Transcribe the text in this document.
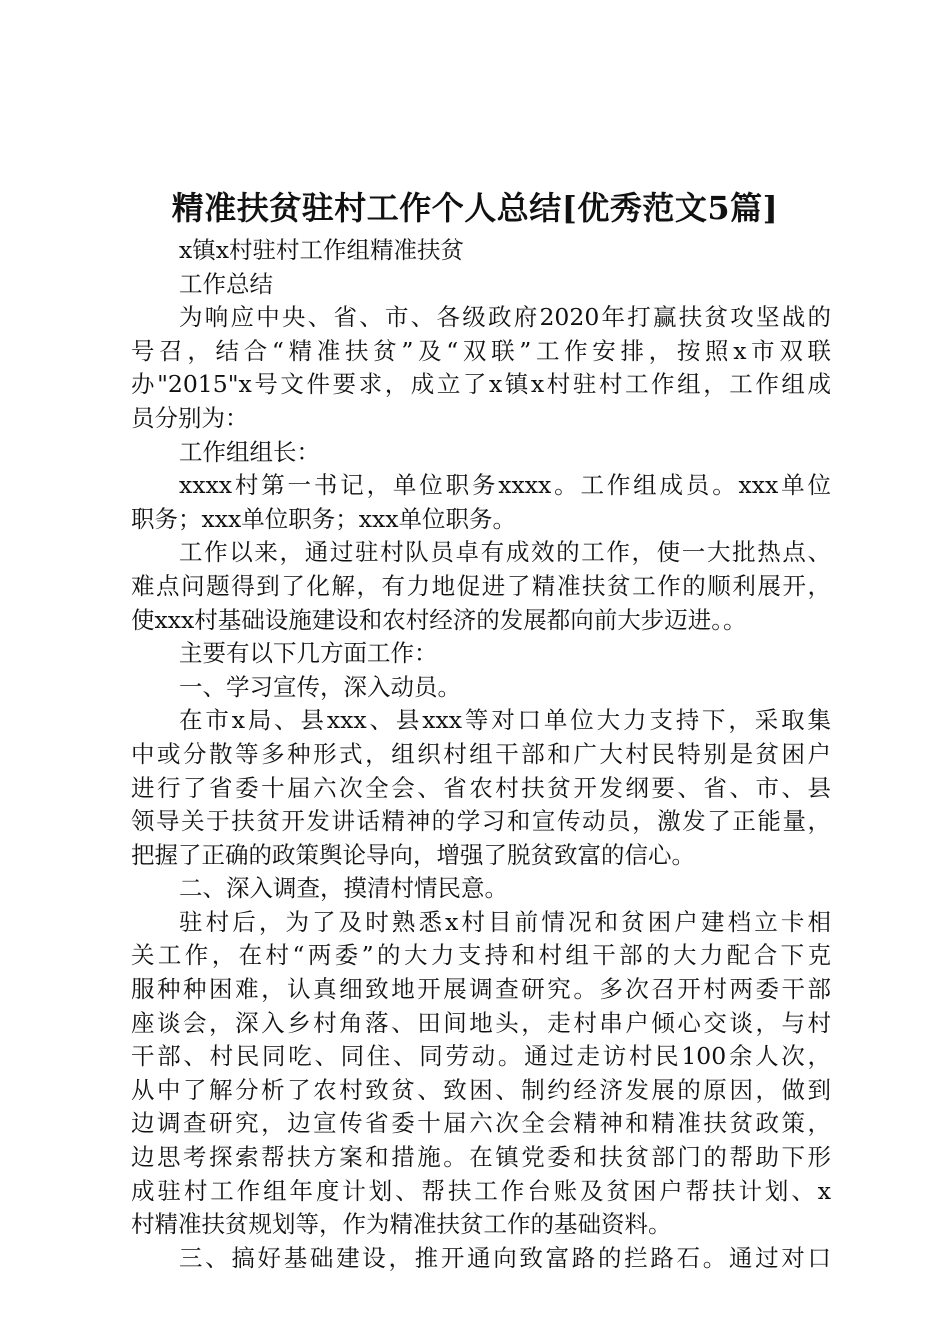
精准扶贫驻村工作个人总结[优秀范文5篇]
x镇x村驻村工作组精准扶贫
工作总结
为响应中央、省、市、各级政府2020年打赢扶贫攻坚战的
号召，结合“精准扶贫”及“双联”工作安排，按照x市双联
办"2015"x号文件要求，成立了x镇x村驻村工作组，工作组成
员分别为：
工作组组长：
xxxx村第一书记，单位职务xxxx。工作组成员。xxx单位
职务；xxx单位职务；xxx单位职务。
工作以来，通过驻村队员卓有成效的工作，使一大批热点、
难点问题得到了化解，有力地促进了精准扶贫工作的顺利展开，
使xxx村基础设施建设和农村经济的发展都向前大步迈进。。
主要有以下几方面工作：
一、学习宣传，深入动员。
在市x局、县xxx、县xxx等对口单位大力支持下，采取集
中或分散等多种形式，组织村组干部和广大村民特别是贫困户
进行了省委十届六次全会、省农村扶贫开发纲要、省、市、县
领导关于扶贫开发讲话精神的学习和宣传动员，激发了正能量，
把握了正确的政策舆论导向，增强了脱贫致富的信心。
二、深入调查，摸清村情民意。
驻村后，为了及时熟悉x村目前情况和贫困户建档立卡相
关工作，在村“两委”的大力支持和村组干部的大力配合下克
服种种困难，认真细致地开展调查研究。多次召开村两委干部
座谈会，深入乡村角落、田间地头，走村串户倾心交谈，与村
干部、村民同吃、同住、同劳动。通过走访村民100余人次，
从中了解分析了农村致贫、致困、制约经济发展的原因，做到
边调查研究，边宣传省委十届六次全会精神和精准扶贫政策，
边思考探索帮扶方案和措施。在镇党委和扶贫部门的帮助下形
成驻村工作组年度计划、帮扶工作台账及贫困户帮扶计划、x
村精准扶贫规划等，作为精准扶贫工作的基础资料。
三、搞好基础建设，推开通向致富路的拦路石。通过对口
